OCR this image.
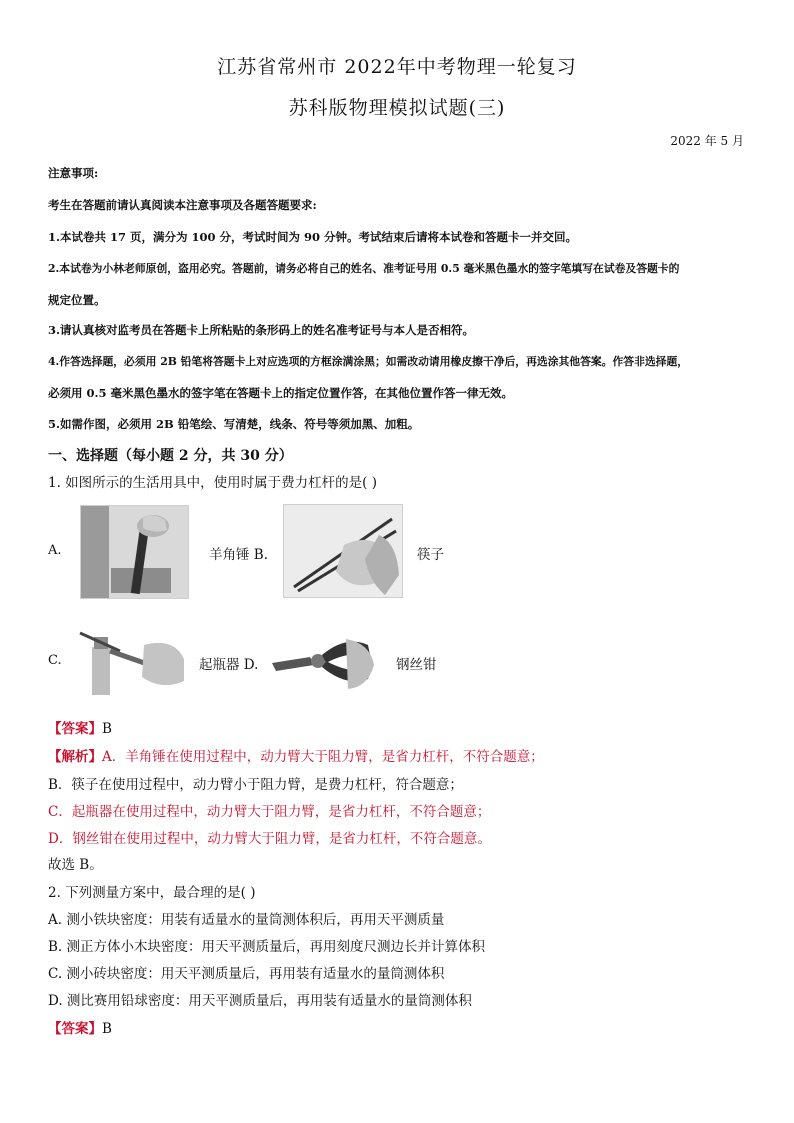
江苏省常州市 2022年中考物理一轮复习
苏科版物理模拟试题(三)
2022 年 5 月
注意事项:
考生在答题前请认真阅读本注意事项及各题答题要求:
1.本试卷共 17 页，满分为 100 分，考试时间为 90 分钟。考试结束后请将本试卷和答题卡一并交回。
2.本试卷为小林老师原创，盗用必究。答题前，请务必将自己的姓名、准考证号用 0.5 毫米黑色墨水的签字笔填写在试卷及答题卡的
规定位置。
3.请认真核对监考员在答题卡上所粘贴的条形码上的姓名准考证号与本人是否相符。
4.作答选择题，必须用 2B 铅笔将答题卡上对应选项的方框涂满涂黑；如需改动请用橡皮擦干净后，再选涂其他答案。作答非选择题，
必须用 0.5 毫米黑色墨水的签字笔在答题卡上的指定位置作答，在其他位置作答一律无效。
5.如需作图，必须用 2B 铅笔绘、写清楚，线条、符号等须加黑、加粗。
一、选择题（每小题 2 分，共 30 分）
1. 如图所示的生活用具中，使用时属于费力杠杆的是( )
A.	羊角锤 B.	筷子
C.	起瓶器 D.	钢丝钳
【答案】B
【解析】A．羊角锤在使用过程中，动力臂大于阻力臂，是省力杠杆，不符合题意；
B．筷子在使用过程中，动力臂小于阻力臂，是费力杠杆，符合题意；
C．起瓶器在使用过程中，动力臂大于阻力臂，是省力杠杆，不符合题意；
D．钢丝钳在使用过程中，动力臂大于阻力臂，是省力杠杆，不符合题意。
故选 B。
2. 下列测量方案中，最合理的是( )
A. 测小铁块密度：用装有适量水的量筒测体积后，再用天平测质量
B. 测正方体小木块密度：用天平测质量后，再用刻度尺测边长并计算体积
C. 测小砖块密度：用天平测质量后，再用装有适量水的量筒测体积
D. 测比赛用铅球密度：用天平测质量后，再用装有适量水的量筒测体积
【答案】B
